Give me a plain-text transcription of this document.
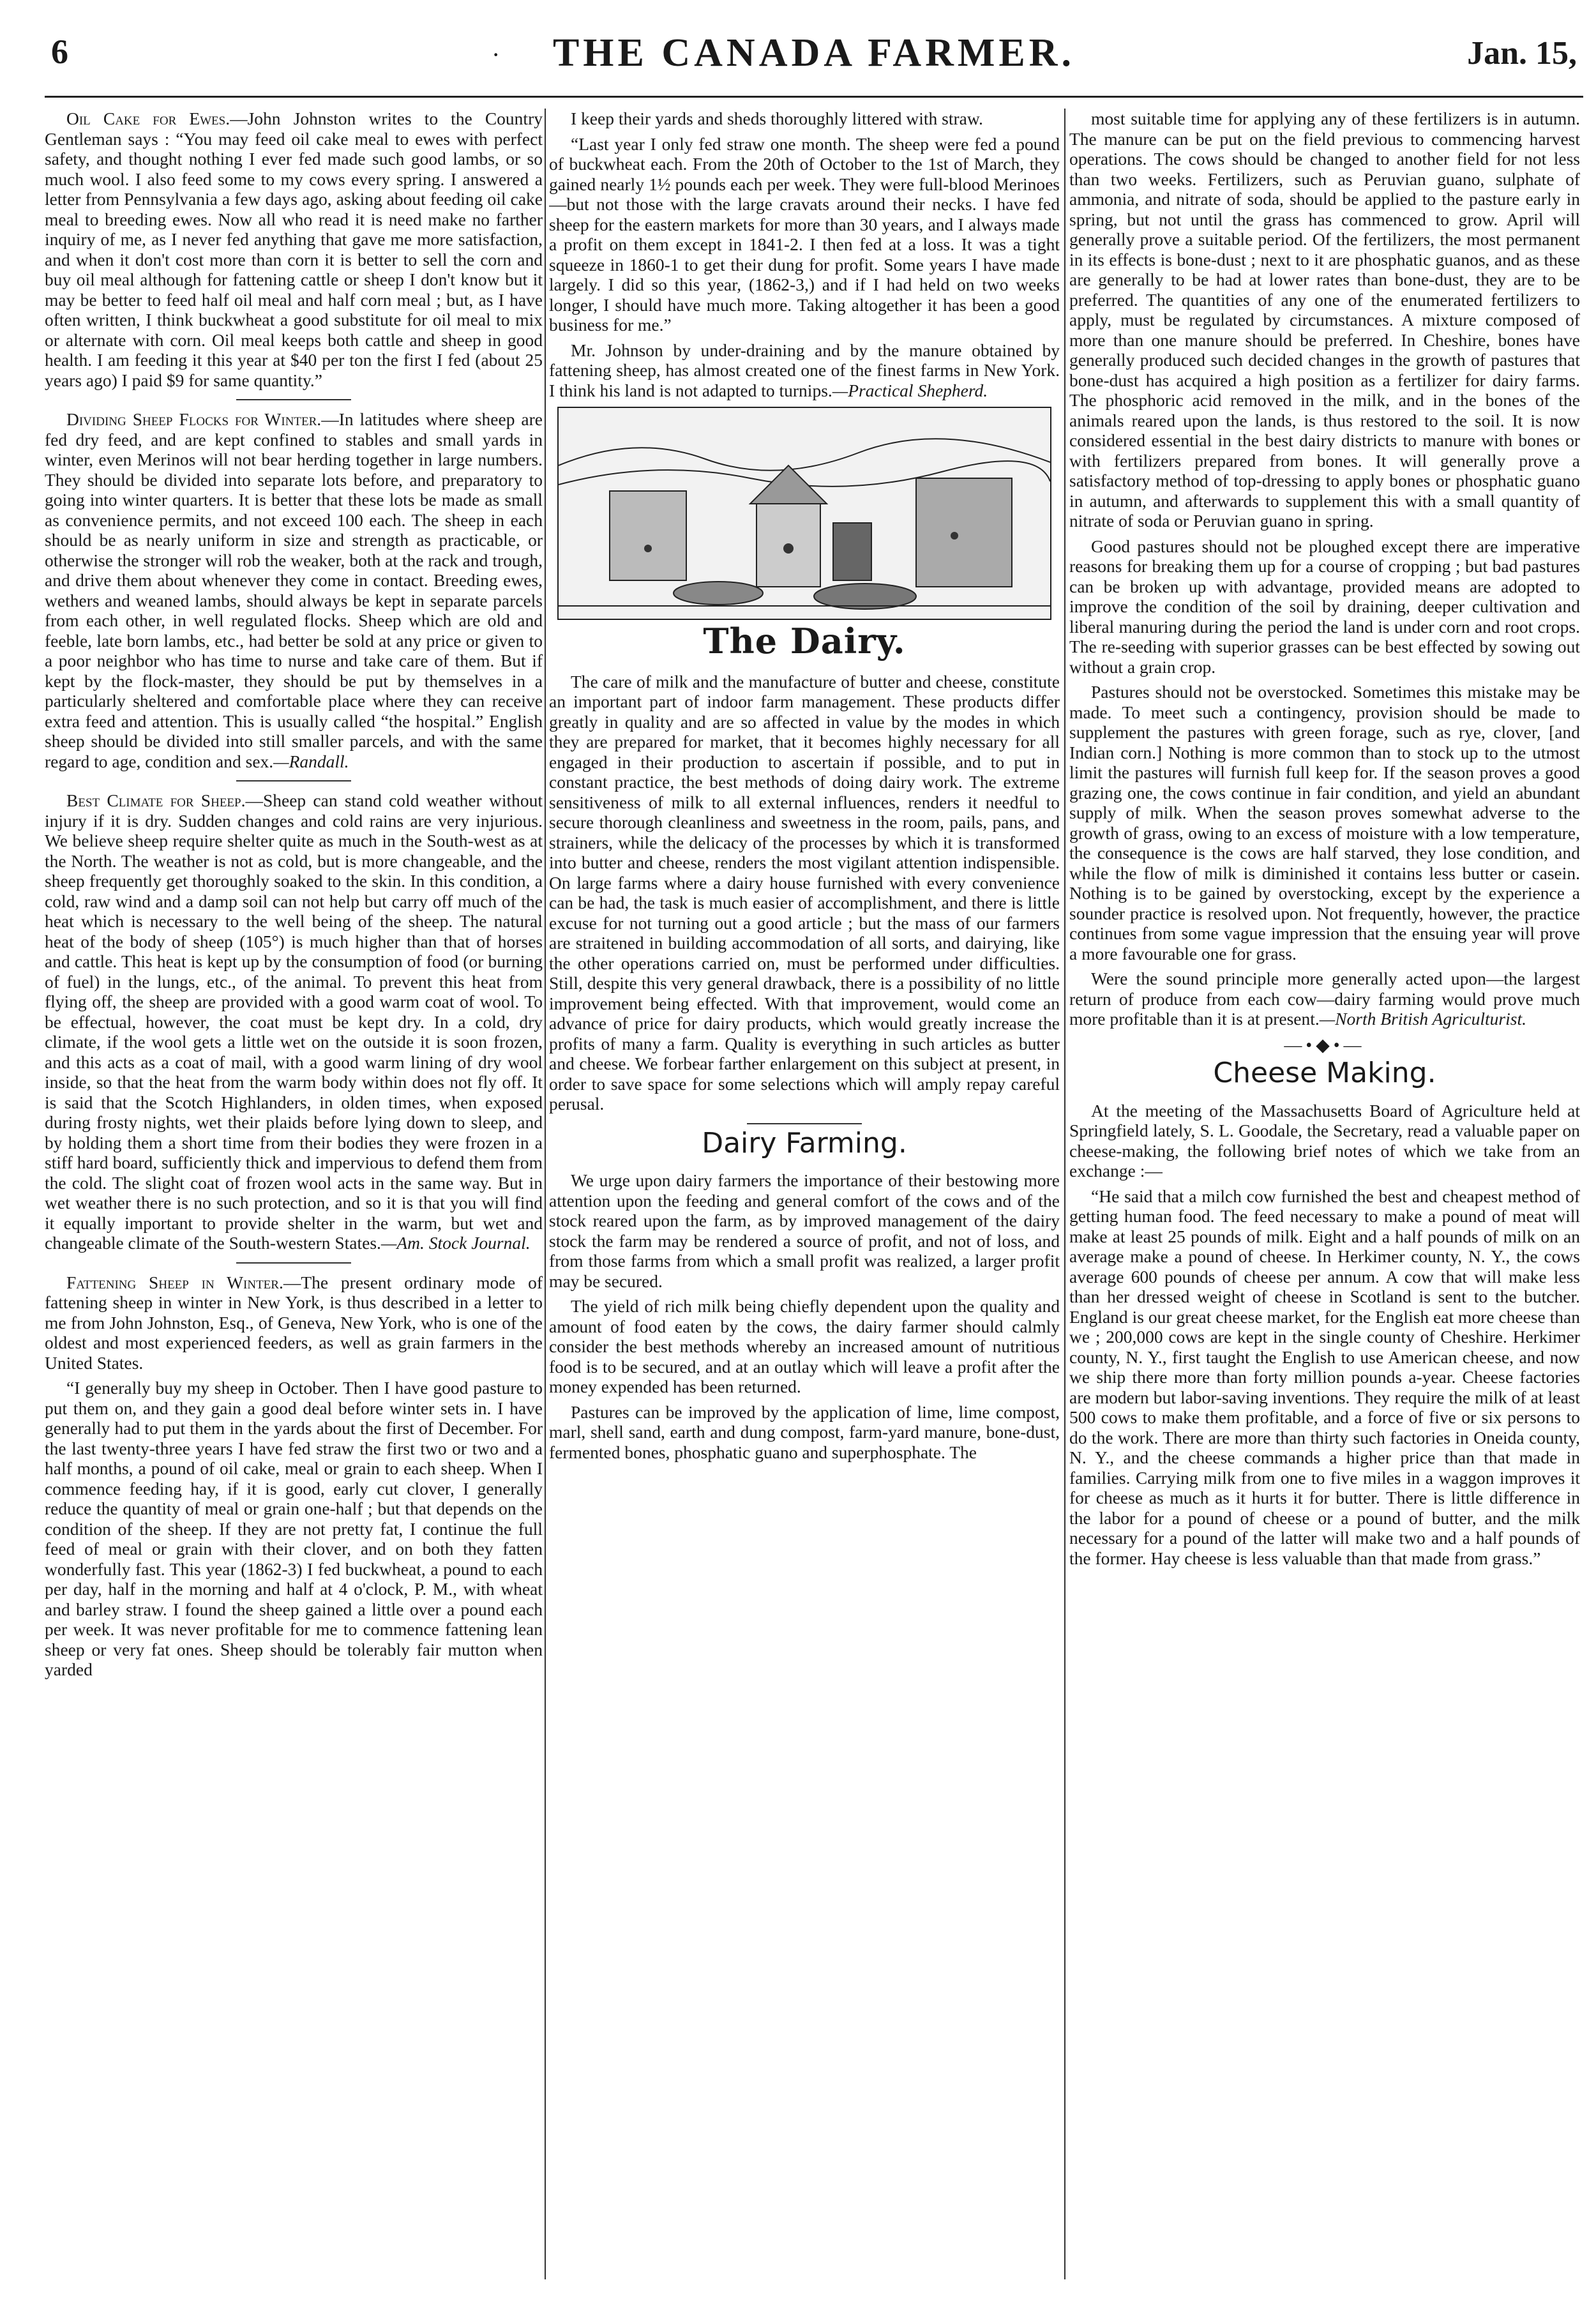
6	·	THE CANADA FARMER.	Jan. 15,

Oil Cake for Ewes.—John Johnston writes to the Country Gentleman says : “You may feed oil cake meal to ewes with perfect safety, and thought nothing I ever fed made such good lambs, or so much wool. I also feed some to my cows every spring. I answered a letter from Pennsylvania a few days ago, asking about feeding oil cake meal to breeding ewes. Now all who read it is need make no farther inquiry of me, as I never fed anything that gave me more satisfaction, and when it don't cost more than corn it is better to sell the corn and buy oil meal although for fattening cattle or sheep I don't know but it may be better to feed half oil meal and half corn meal ; but, as I have often written, I think buckwheat a good substitute for oil meal to mix or alternate with corn. Oil meal keeps both cattle and sheep in good health. I am feeding it this year at $40 per ton the first I fed (about 25 years ago) I paid $9 for same quantity.”

Dividing Sheep Flocks for Winter.—In latitudes where sheep are fed dry feed, and are kept confined to stables and small yards in winter, even Merinos will not bear herding together in large numbers. They should be divided into separate lots before, and preparatory to going into winter quarters. It is better that these lots be made as small as convenience permits, and not exceed 100 each. The sheep in each should be as nearly uniform in size and strength as practicable, or otherwise the stronger will rob the weaker, both at the rack and trough, and drive them about whenever they come in contact. Breeding ewes, wethers and weaned lambs, should always be kept in separate parcels from each other, in well regulated flocks. Sheep which are old and feeble, late born lambs, etc., had better be sold at any price or given to a poor neighbor who has time to nurse and take care of them. But if kept by the flock-master, they should be put by themselves in a particularly sheltered and comfortable place where they can receive extra feed and attention. This is usually called “the hospital.” English sheep should be divided into still smaller parcels, and with the same regard to age, condition and sex.—Randall.

Best Climate for Sheep.—Sheep can stand cold weather without injury if it is dry. Sudden changes and cold rains are very injurious. We believe sheep require shelter quite as much in the South-west as at the North. The weather is not as cold, but is more changeable, and the sheep frequently get thoroughly soaked to the skin. In this condition, a cold, raw wind and a damp soil can not help but carry off much of the heat which is necessary to the well being of the sheep. The natural heat of the body of sheep (105°) is much higher than that of horses and cattle. This heat is kept up by the consumption of food (or burning of fuel) in the lungs, etc., of the animal. To prevent this heat from flying off, the sheep are provided with a good warm coat of wool. To be effectual, however, the coat must be kept dry. In a cold, dry climate, if the wool gets a little wet on the outside it is soon frozen, and this acts as a coat of mail, with a good warm lining of dry wool inside, so that the heat from the warm body within does not fly off. It is said that the Scotch Highlanders, in olden times, when exposed during frosty nights, wet their plaids before lying down to sleep, and by holding them a short time from their bodies they were frozen in a stiff hard board, sufficiently thick and impervious to defend them from the cold. The slight coat of frozen wool acts in the same way. But in wet weather there is no such protection, and so it is that you will find it equally important to provide shelter in the warm, but wet and changeable climate of the South-western States.—Am. Stock Journal.

Fattening Sheep in Winter.—The present ordinary mode of fattening sheep in winter in New York, is thus described in a letter to me from John Johnston, Esq., of Geneva, New York, who is one of the oldest and most experienced feeders, as well as grain farmers in the United States.

“I generally buy my sheep in October. Then I have good pasture to put them on, and they gain a good deal before winter sets in. I have generally had to put them in the yards about the first of December. For the last twenty-three years I have fed straw the first two or two and a half months, a pound of oil cake, meal or grain to each sheep. When I commence feeding hay, if it is good, early cut clover, I generally reduce the quantity of meal or grain one-half ; but that depends on the condition of the sheep. If they are not pretty fat, I continue the full feed of meal or grain with their clover, and on both they fatten wonderfully fast. This year (1862-3) I fed buckwheat, a pound to each per day, half in the morning and half at 4 o'clock, P. M., with wheat and barley straw. I found the sheep gained a little over a pound each per week. It was never profitable for me to commence fattening lean sheep or very fat ones. Sheep should be tolerably fair mutton when yarded

I keep their yards and sheds thoroughly littered with straw.

“Last year I only fed straw one month. The sheep were fed a pound of buckwheat each. From the 20th of October to the 1st of March, they gained nearly 1½ pounds each per week. They were full-blood Merinoes—but not those with the large cravats around their necks. I have fed sheep for the eastern markets for more than 30 years, and I always made a profit on them except in 1841-2. I then fed at a loss. It was a tight squeeze in 1860-1 to get their dung for profit. Some years I have made largely. I did so this year, (1862-3,) and if I had held on two weeks longer, I should have much more. Taking altogether it has been a good business for me.”

Mr. Johnson by under-draining and by the manure obtained by fattening sheep, has almost created one of the finest farms in New York. I think his land is not adapted to turnips.—Practical Shepherd.

The Dairy.

The care of milk and the manufacture of butter and cheese, constitute an important part of indoor farm management. These products differ greatly in quality and are so affected in value by the modes in which they are prepared for market, that it becomes highly necessary for all engaged in their production to ascertain if possible, and to put in constant practice, the best methods of doing dairy work. The extreme sensitiveness of milk to all external influences, renders it needful to secure thorough cleanliness and sweetness in the room, pails, pans, and strainers, while the delicacy of the processes by which it is transformed into butter and cheese, renders the most vigilant attention indispensible. On large farms where a dairy house furnished with every convenience can be had, the task is much easier of accomplishment, and there is little excuse for not turning out a good article ; but the mass of our farmers are straitened in building accommodation of all sorts, and dairying, like the other operations carried on, must be performed under difficulties. Still, despite this very general drawback, there is a possibility of no little improvement being effected. With that improvement, would come an advance of price for dairy products, which would greatly increase the profits of many a farm. Quality is everything in such articles as butter and cheese. We forbear farther enlargement on this subject at present, in order to save space for some selections which will amply repay careful perusal.

Dairy Farming.

We urge upon dairy farmers the importance of their bestowing more attention upon the feeding and general comfort of the cows and of the stock reared upon the farm, as by improved management of the dairy stock the farm may be rendered a source of profit, and not of loss, and from those farms from which a small profit was realized, a larger profit may be secured.

The yield of rich milk being chiefly dependent upon the quality and amount of food eaten by the cows, the dairy farmer should calmly consider the best methods whereby an increased amount of nutritious food is to be secured, and at an outlay which will leave a profit after the money expended has been returned.

Pastures can be improved by the application of lime, lime compost, marl, shell sand, earth and dung compost, farm-yard manure, bone-dust, fermented bones, phosphatic guano and superphosphate. The

most suitable time for applying any of these fertilizers is in autumn. The manure can be put on the field previous to commencing harvest operations. The cows should be changed to another field for not less than two weeks. Fertilizers, such as Peruvian guano, sulphate of ammonia, and nitrate of soda, should be applied to the pasture early in spring, but not until the grass has commenced to grow. April will generally prove a suitable period. Of the fertilizers, the most permanent in its effects is bone-dust ; next to it are phosphatic guanos, and as these are generally to be had at lower rates than bone-dust, they are to be preferred. The quantities of any one of the enumerated fertilizers to apply, must be regulated by circumstances. A mixture composed of more than one manure should be preferred. In Cheshire, bones have generally produced such decided changes in the growth of pastures that bone-dust has acquired a high position as a fertilizer for dairy farms. The phosphoric acid removed in the milk, and in the bones of the animals reared upon the lands, is thus restored to the soil. It is now considered essential in the best dairy districts to manure with bones or with fertilizers prepared from bones. It will generally prove a satisfactory method of top-dressing to apply bones or phosphatic guano in autumn, and afterwards to supplement this with a small quantity of nitrate of soda or Peruvian guano in spring.

Good pastures should not be ploughed except there are imperative reasons for breaking them up for a course of cropping ; but bad pastures can be broken up with advantage, provided means are adopted to improve the condition of the soil by draining, deeper cultivation and liberal manuring during the period the land is under corn and root crops. The re-seeding with superior grasses can be best effected by sowing out without a grain crop.

Pastures should not be overstocked. Sometimes this mistake may be made. To meet such a contingency, provision should be made to supplement the pastures with green forage, such as rye, clover, [and Indian corn.] Nothing is more common than to stock up to the utmost limit the pastures will furnish full keep for. If the season proves a good grazing one, the cows continue in fair condition, and yield an abundant supply of milk. When the season proves somewhat adverse to the growth of grass, owing to an excess of moisture with a low temperature, the consequence is the cows are half starved, they lose condition, and while the flow of milk is diminished it contains less butter or casein. Nothing is to be gained by overstocking, except by the experience a sounder practice is resolved upon. Not frequently, however, the practice continues from some vague impression that the ensuing year will prove a more favourable one for grass.

Were the sound principle more generally acted upon—the largest return of produce from each cow—dairy farming would prove much more profitable than it is at present.—North British Agriculturist.

—•◆•—
Cheese Making.

At the meeting of the Massachusetts Board of Agriculture held at Springfield lately, S. L. Goodale, the Secretary, read a valuable paper on cheese-making, the following brief notes of which we take from an exchange :—

“He said that a milch cow furnished the best and cheapest method of getting human food. The feed necessary to make a pound of meat will make at least 25 pounds of milk. Eight and a half pounds of milk on an average make a pound of cheese. In Herkimer county, N. Y., the cows average 600 pounds of cheese per annum. A cow that will make less than her dressed weight of cheese in Scotland is sent to the butcher. England is our great cheese market, for the English eat more cheese than we ; 200,000 cows are kept in the single county of Cheshire. Herkimer county, N. Y., first taught the English to use American cheese, and now we ship there more than forty million pounds a-year. Cheese factories are modern but labor-saving inventions. They require the milk of at least 500 cows to make them profitable, and a force of five or six persons to do the work. There are more than thirty such factories in Oneida county, N. Y., and the cheese commands a higher price than that made in families. Carrying milk from one to five miles in a waggon improves it for cheese as much as it hurts it for butter. There is little difference in the labor for a pound of cheese or a pound of butter, and the milk necessary for a pound of the latter will make two and a half pounds of the former. Hay cheese is less valuable than that made from grass.”
